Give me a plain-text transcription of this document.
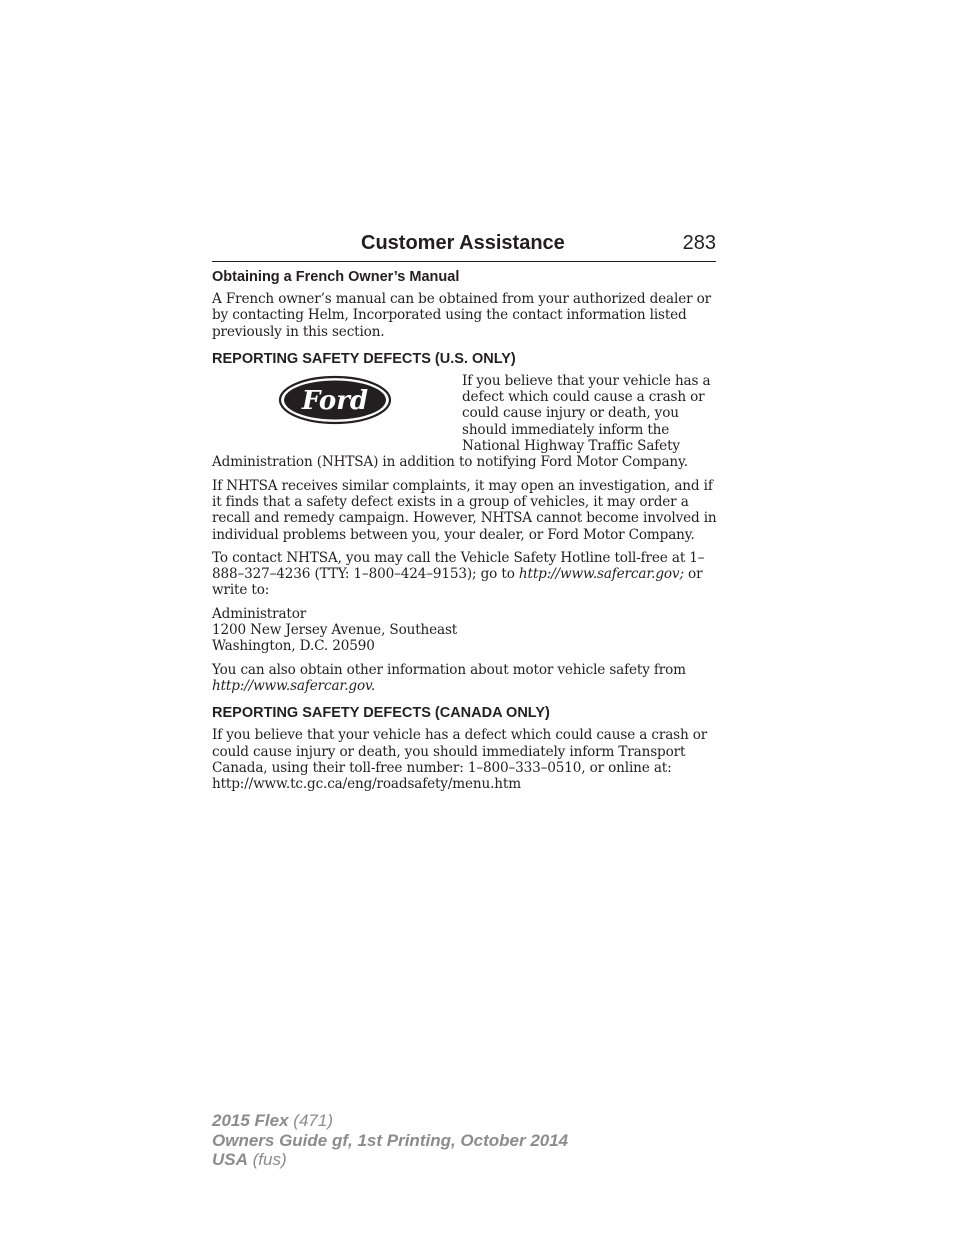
Customer Assistance	283
Obtaining a French Owner’s Manual

A French owner’s manual can be obtained from your authorized dealer or by contacting Helm, Incorporated using the contact information listed previously in this section.

REPORTING SAFETY DEFECTS (U.S. ONLY)
Ford

If you believe that your vehicle has a defect which could cause a crash or could cause injury or death, you should immediately inform the National Highway Traffic Safety Administration (NHTSA) in addition to notifying Ford Motor Company.

If NHTSA receives similar complaints, it may open an investigation, and if it finds that a safety defect exists in a group of vehicles, it may order a recall and remedy campaign. However, NHTSA cannot become involved in individual problems between you, your dealer, or Ford Motor Company.

To contact NHTSA, you may call the Vehicle Safety Hotline toll-free at 1–888–327–4236 (TTY: 1–800–424–9153); go to http://www.safercar.gov; or write to:

Administrator

1200 New Jersey Avenue, Southeast

Washington, D.C. 20590

You can also obtain other information about motor vehicle safety from http://www.safercar.gov.

REPORTING SAFETY DEFECTS (CANADA ONLY)

If you believe that your vehicle has a defect which could cause a crash or could cause injury or death, you should immediately inform Transport Canada, using their toll-free number: 1–800–333–0510, or online at: http://www.tc.gc.ca/eng/roadsafety/menu.htm

2015 Flex (471)
Owners Guide gf, 1st Printing, October 2014
USA (fus)
